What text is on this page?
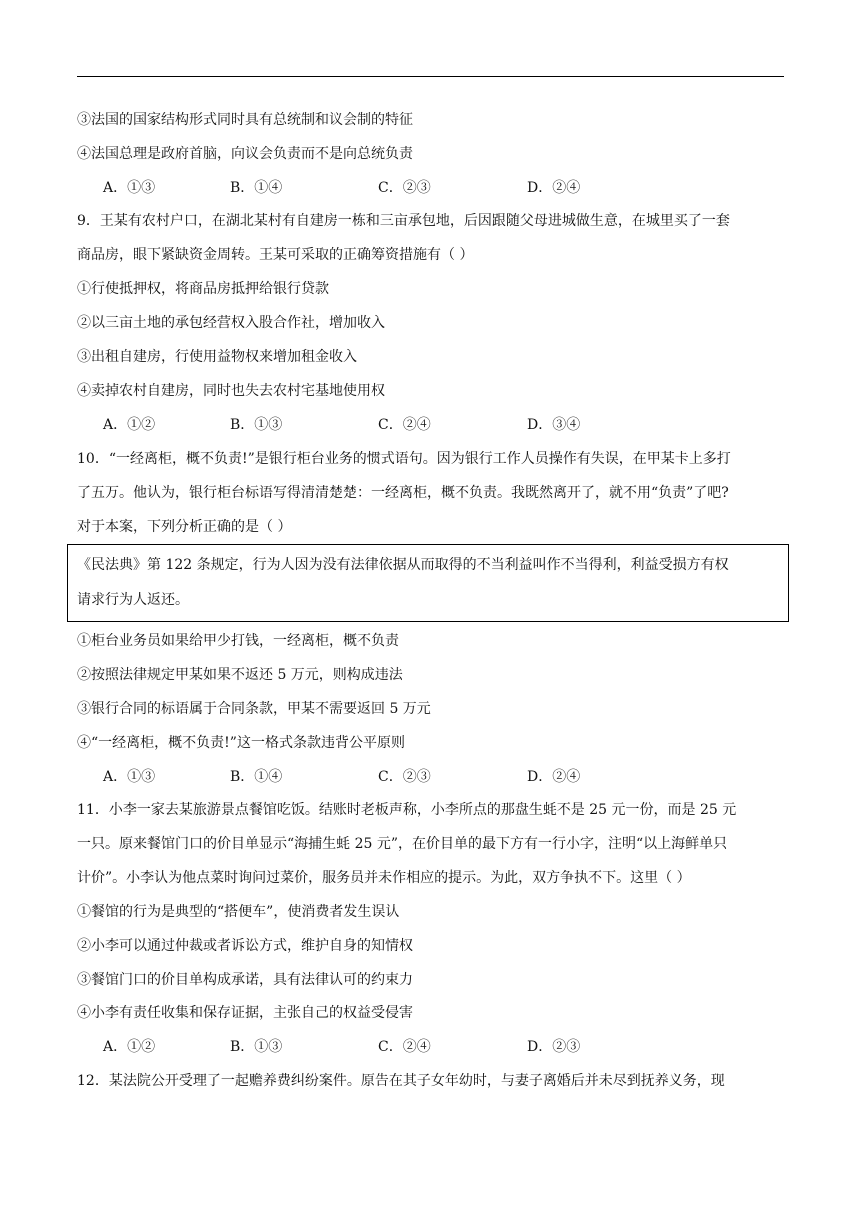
③法国的国家结构形式同时具有总统制和议会制的特征
④法国总理是政府首脑，向议会负责而不是向总统负责
A．①③	B．①④	C．②③	D．②④
9．王某有农村户口，在湖北某村有自建房一栋和三亩承包地，后因跟随父母进城做生意，在城里买了一套
商品房，眼下紧缺资金周转。王某可采取的正确筹资措施有（ ）
①行使抵押权，将商品房抵押给银行贷款
②以三亩土地的承包经营权入股合作社，增加收入
③出租自建房，行使用益物权来增加租金收入
④卖掉农村自建房，同时也失去农村宅基地使用权
A．①②	B．①③	C．②④	D．③④
10．“一经离柜，概不负责!”是银行柜台业务的惯式语句。因为银行工作人员操作有失误，在甲某卡上多打
了五万。他认为，银行柜台标语写得清清楚楚：一经离柜，概不负责。我既然离开了，就不用“负责”了吧?
对于本案，下列分析正确的是（ ）
《民法典》第 122 条规定，行为人因为没有法律依据从而取得的不当利益叫作不当得利，利益受损方有权
请求行为人返还。
①柜台业务员如果给甲少打钱，一经离柜，概不负责
②按照法律规定甲某如果不返还 5 万元，则构成违法
③银行合同的标语属于合同条款，甲某不需要返回 5 万元
④“一经离柜，概不负责!”这一格式条款违背公平原则
A．①③	B．①④	C．②③	D．②④
11．小李一家去某旅游景点餐馆吃饭。结账时老板声称，小李所点的那盘生蚝不是 25 元一份，而是 25 元
一只。原来餐馆门口的价目单显示“海捕生蚝 25 元”，在价目单的最下方有一行小字，注明“以上海鲜单只
计价”。小李认为他点菜时询问过菜价，服务员并未作相应的提示。为此，双方争执不下。这里（ ）
①餐馆的行为是典型的“搭便车”，使消费者发生误认
②小李可以通过仲裁或者诉讼方式，维护自身的知情权
③餐馆门口的价目单构成承诺，具有法律认可的约束力
④小李有责任收集和保存证据，主张自己的权益受侵害
A．①②	B．①③	C．②④	D．②③
12．某法院公开受理了一起赡养费纠纷案件。原告在其子女年幼时，与妻子离婚后并未尽到抚养义务，现
